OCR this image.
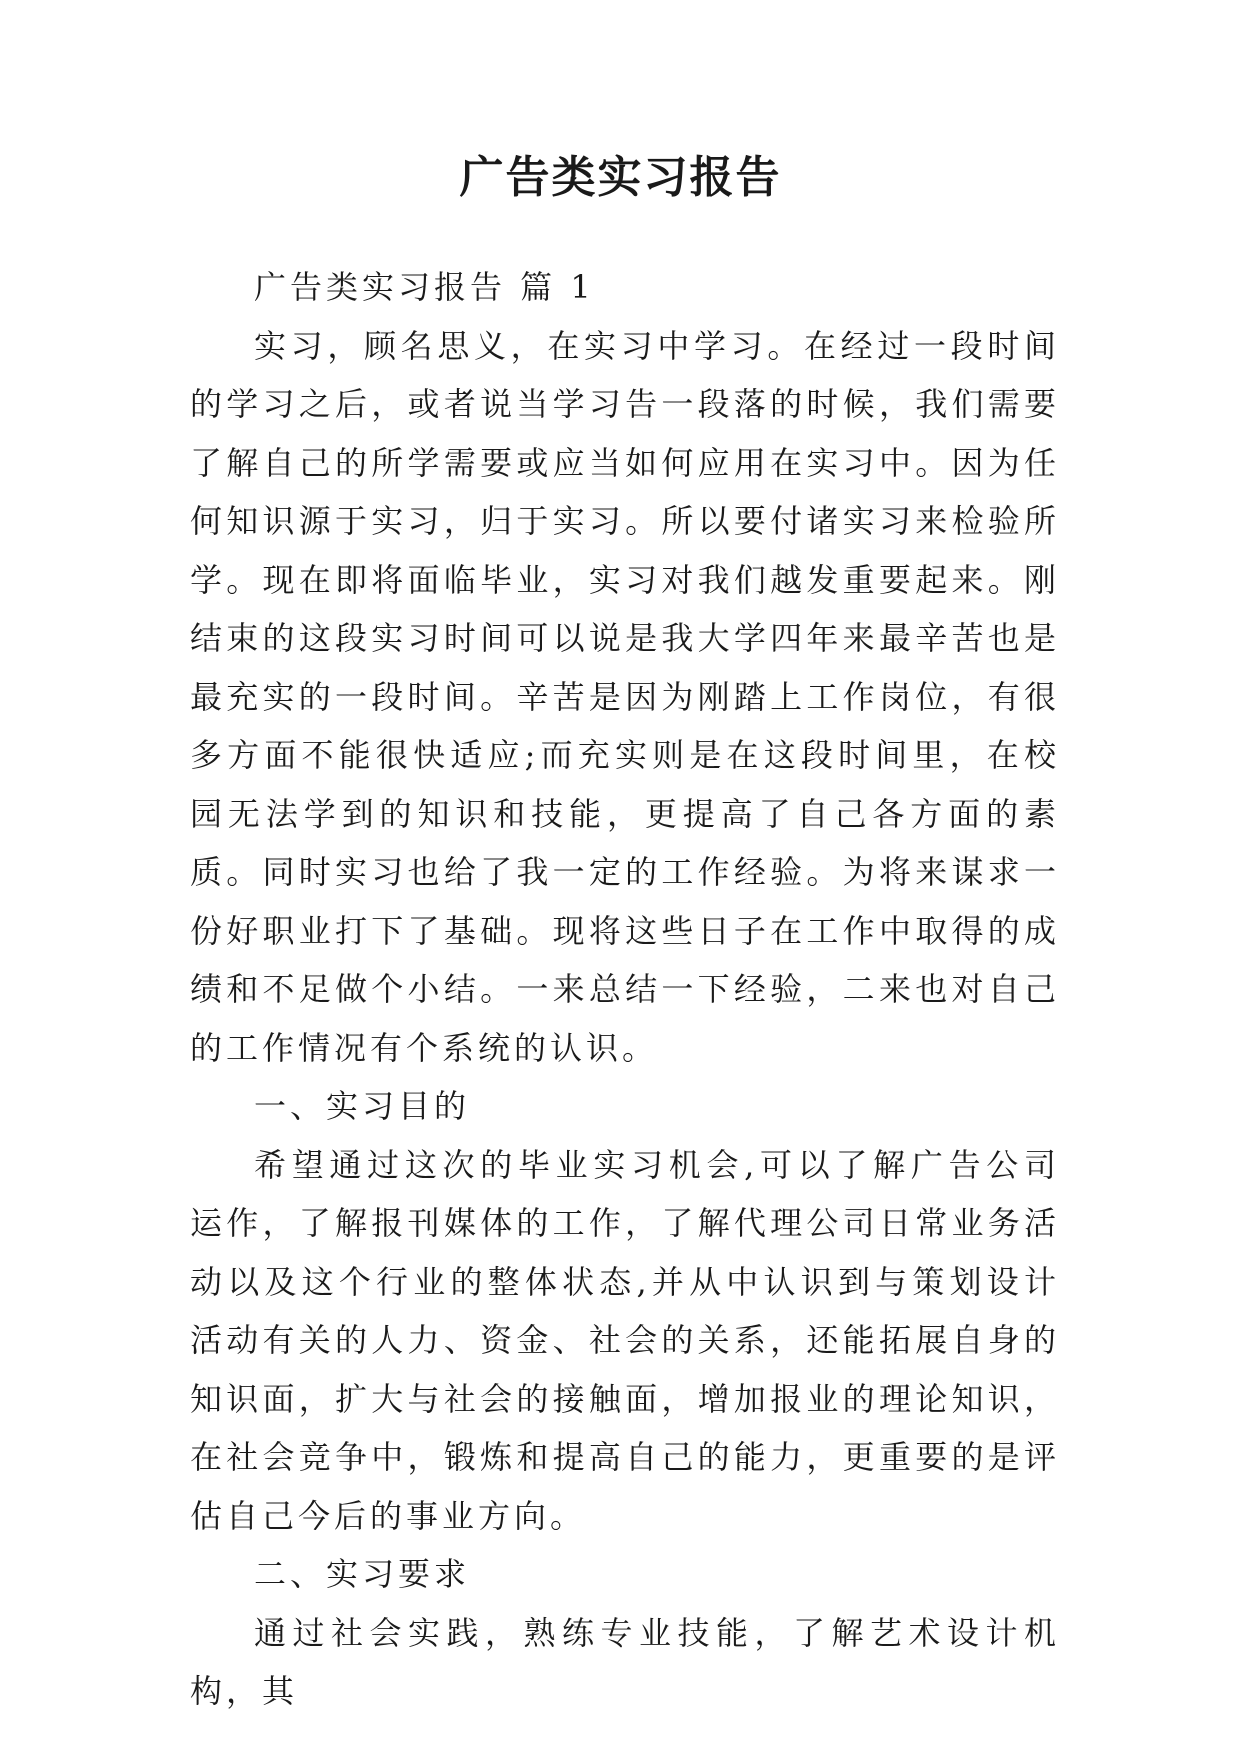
广告类实习报告

广告类实习报告 篇 1

实习，顾名思义，在实习中学习。在经过一段时间的学习之后，或者说当学习告一段落的时候，我们需要了解自己的所学需要或应当如何应用在实习中。因为任何知识源于实习，归于实习。所以要付诸实习来检验所学。现在即将面临毕业，实习对我们越发重要起来。刚结束的这段实习时间可以说是我大学四年来最辛苦也是最充实的一段时间。辛苦是因为刚踏上工作岗位，有很多方面不能很快适应;而充实则是在这段时间里，在校园无法学到的知识和技能，更提高了自己各方面的素质。同时实习也给了我一定的工作经验。为将来谋求一份好职业打下了基础。现将这些日子在工作中取得的成绩和不足做个小结。一来总结一下经验，二来也对自己的工作情况有个系统的认识。

一、实习目的

希望通过这次的毕业实习机会,可以了解广告公司运作，了解报刊媒体的工作，了解代理公司日常业务活动以及这个行业的整体状态,并从中认识到与策划设计活动有关的人力、资金、社会的关系，还能拓展自身的知识面，扩大与社会的接触面，增加报业的理论知识，在社会竞争中，锻炼和提高自己的能力，更重要的是评估自己今后的事业方向。

二、实习要求

通过社会实践，熟练专业技能，了解艺术设计机构，其
